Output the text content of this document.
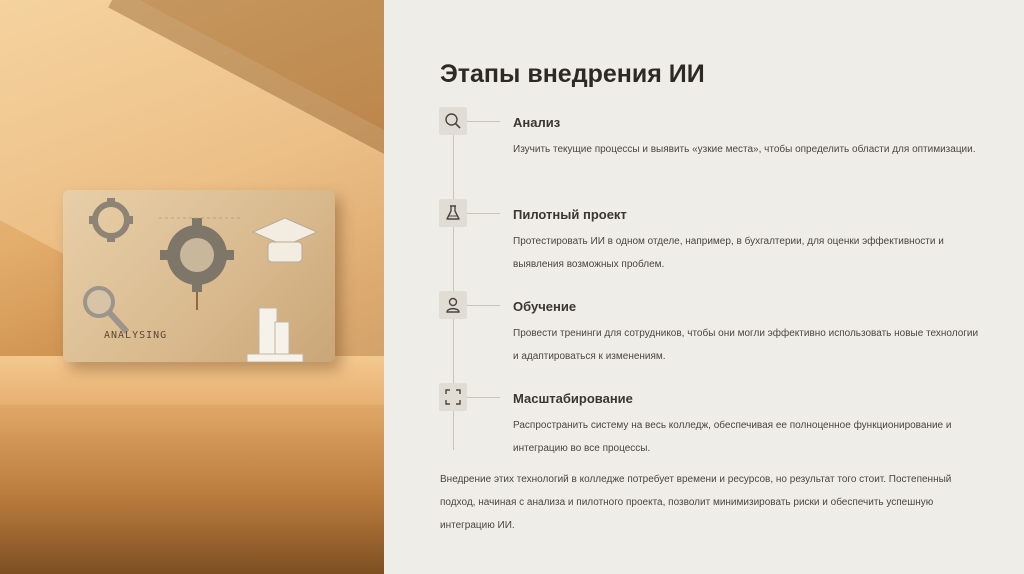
ANALYSING
Этапы внедрения ИИ
Анализ
Изучить текущие процессы и выявить «узкие места», чтобы определить области для оптимизации.
Пилотный проект
Протестировать ИИ в одном отделе, например, в бухгалтерии, для оценки эффективности и выявления возможных проблем.
Обучение
Провести тренинги для сотрудников, чтобы они могли эффективно использовать новые технологии и адаптироваться к изменениям.
Масштабирование
Распространить систему на весь колледж, обеспечивая ее полноценное функционирование и интеграцию во все процессы.

Внедрение этих технологий в колледже потребует времени и ресурсов, но результат того стоит. Постепенный подход, начиная с анализа и пилотного проекта, позволит минимизировать риски и обеспечить успешную интеграцию ИИ.
